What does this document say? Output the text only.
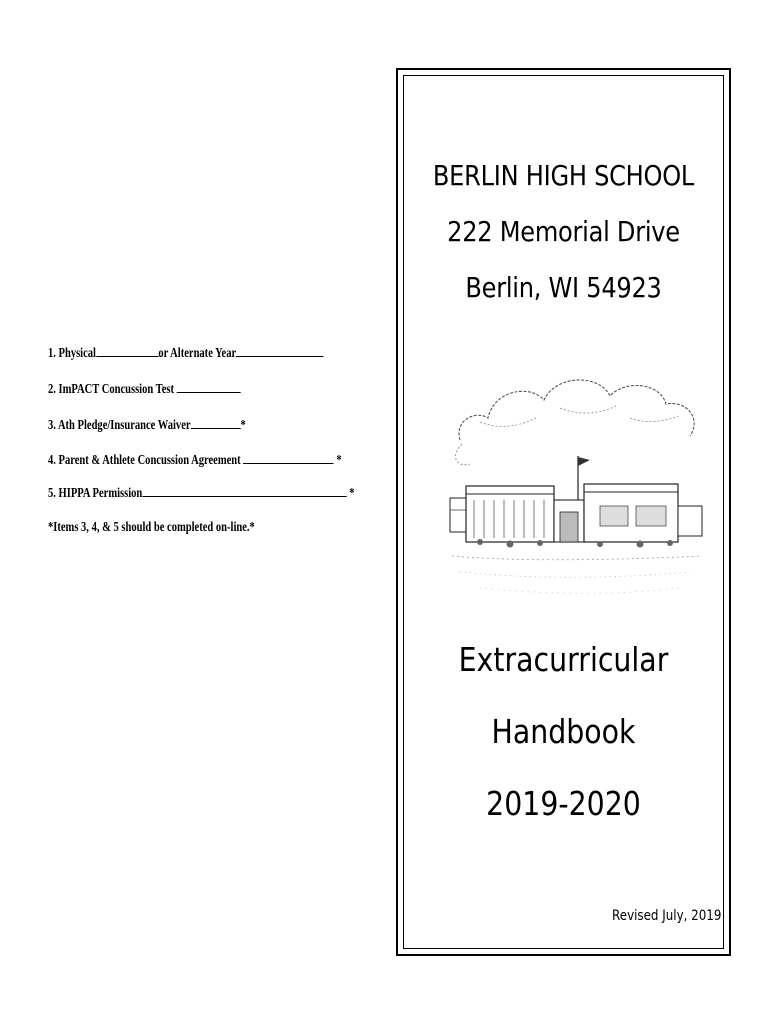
1. Physical	or Alternate Year
2. ImPACT Concussion Test
3. Ath Pledge/Insurance Waiver	*
4. Parent & Athlete Concussion Agreement	*
5. HIPPA Permission	*
*Items 3, 4, & 5 should be completed on-line.*
BERLIN HIGH SCHOOL
222 Memorial Drive
Berlin, WI 54923
Extracurricular
Handbook
2019-2020
Revised July, 2019
